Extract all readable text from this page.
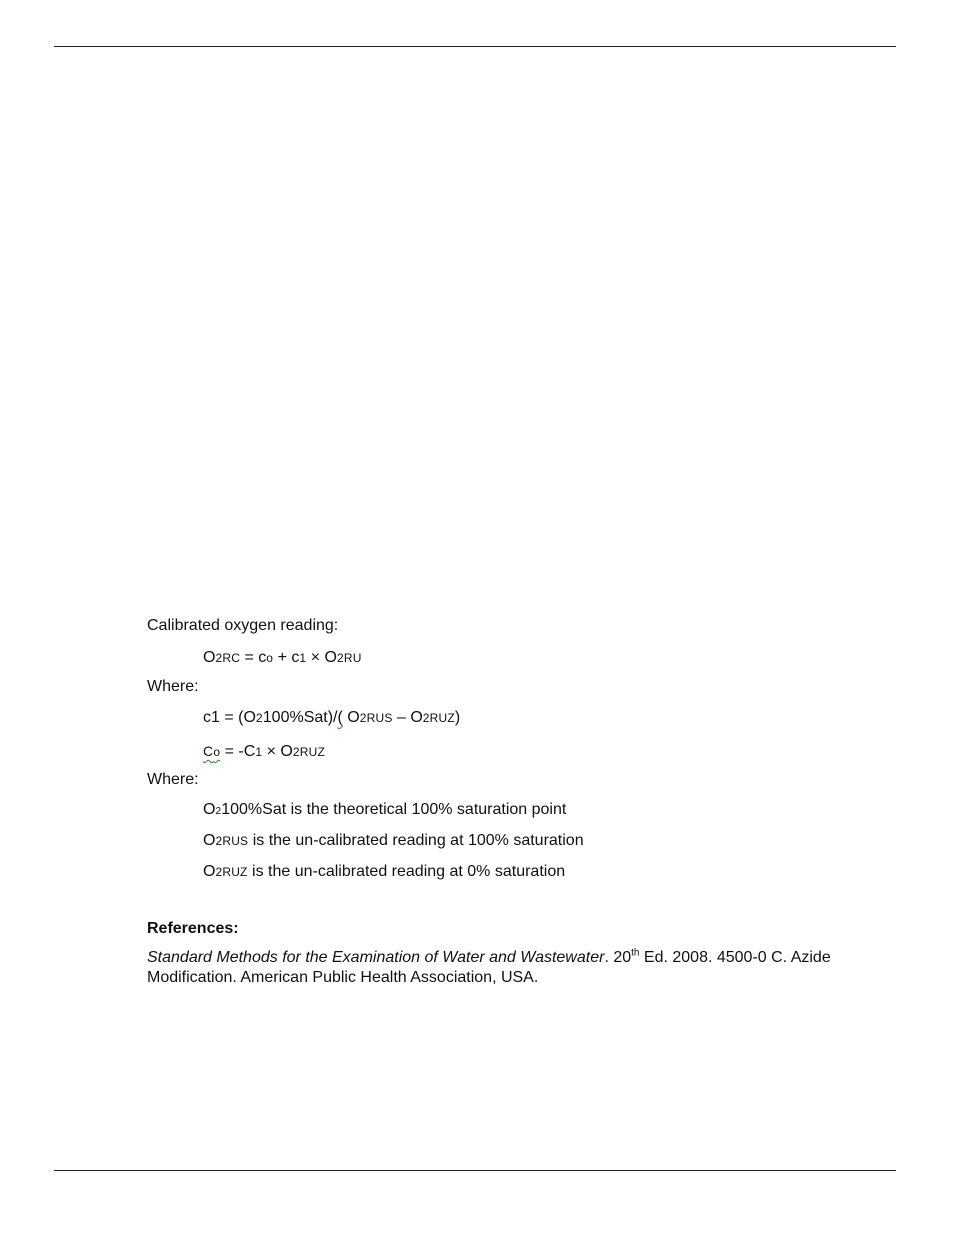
Calibrated oxygen reading:
O2RC = co + c1 × O2RU
Where:
c1 = (O2100%Sat)/( O2RUS – O2RUZ)
Co = -C1 × O2RUZ
Where:
O2100%Sat is the theoretical 100% saturation point
O2RUS is the un-calibrated reading at 100% saturation
O2RUZ is the un-calibrated reading at 0% saturation
References:
Standard Methods for the Examination of Water and Wastewater. 20th Ed. 2008. 4500-0 C. Azide Modification. American Public Health Association, USA.
